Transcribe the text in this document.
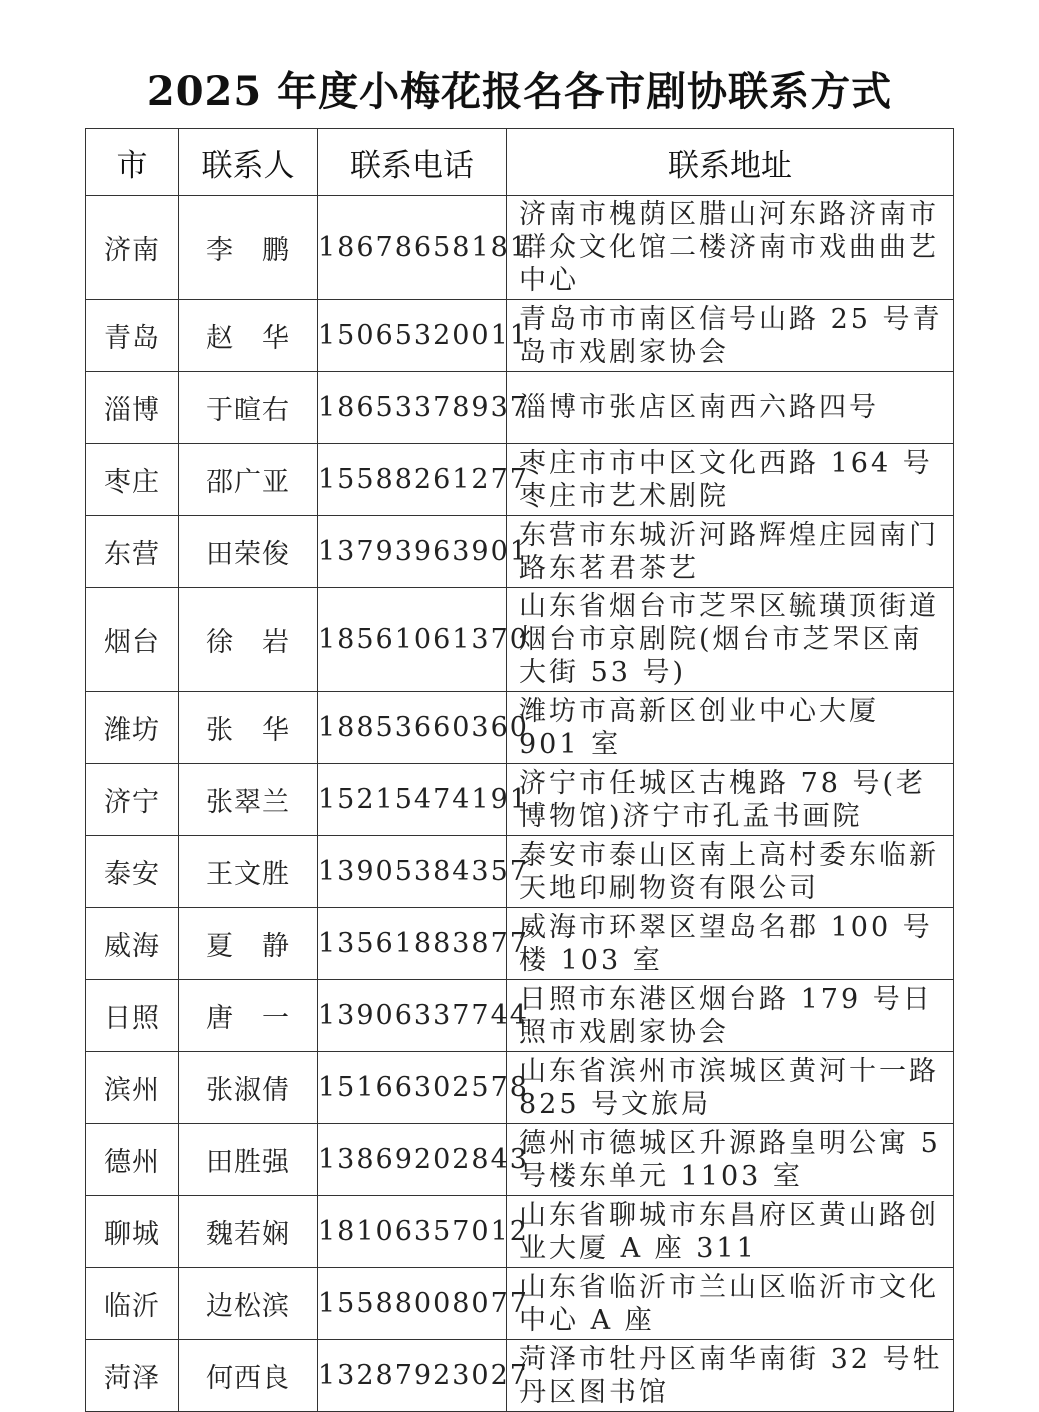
2025 年度小梅花报名各市剧协联系方式
市	联系人	联系电话	联系地址
济南	李　鹏	18678658181	济南市槐荫区腊山河东路济南市群众文化馆二楼济南市戏曲曲艺中心
青岛	赵　华	15065320011	青岛市市南区信号山路 25 号青岛市戏剧家协会
淄博	于暄右	18653378937	淄博市张店区南西六路四号
枣庄	邵广亚	15588261277	枣庄市市中区文化西路 164 号枣庄市艺术剧院
东营	田荣俊	13793963901	东营市东城沂河路辉煌庄园南门路东茗君茶艺
烟台	徐　岩	18561061370	山东省烟台市芝罘区毓璜顶街道烟台市京剧院(烟台市芝罘区南大街 53 号)
潍坊	张　华	18853660360	潍坊市高新区创业中心大厦 901 室
济宁	张翠兰	15215474191	济宁市任城区古槐路 78 号(老博物馆)济宁市孔孟书画院
泰安	王文胜	13905384357	泰安市泰山区南上高村委东临新天地印刷物资有限公司
威海	夏　静	13561883877	威海市环翠区望岛名郡 100 号楼 103 室
日照	唐　一	13906337744	日照市东港区烟台路 179 号日照市戏剧家协会
滨州	张淑倩	15166302578	山东省滨州市滨城区黄河十一路 825 号文旅局
德州	田胜强	13869202843	德州市德城区升源路皇明公寓 5 号楼东单元 1103 室
聊城	魏若娴	18106357012	山东省聊城市东昌府区黄山路创业大厦 A 座 311
临沂	边松滨	15588008077	山东省临沂市兰山区临沂市文化中心 A 座
菏泽	何西良	13287923027	菏泽市牡丹区南华南街 32 号牡丹区图书馆
